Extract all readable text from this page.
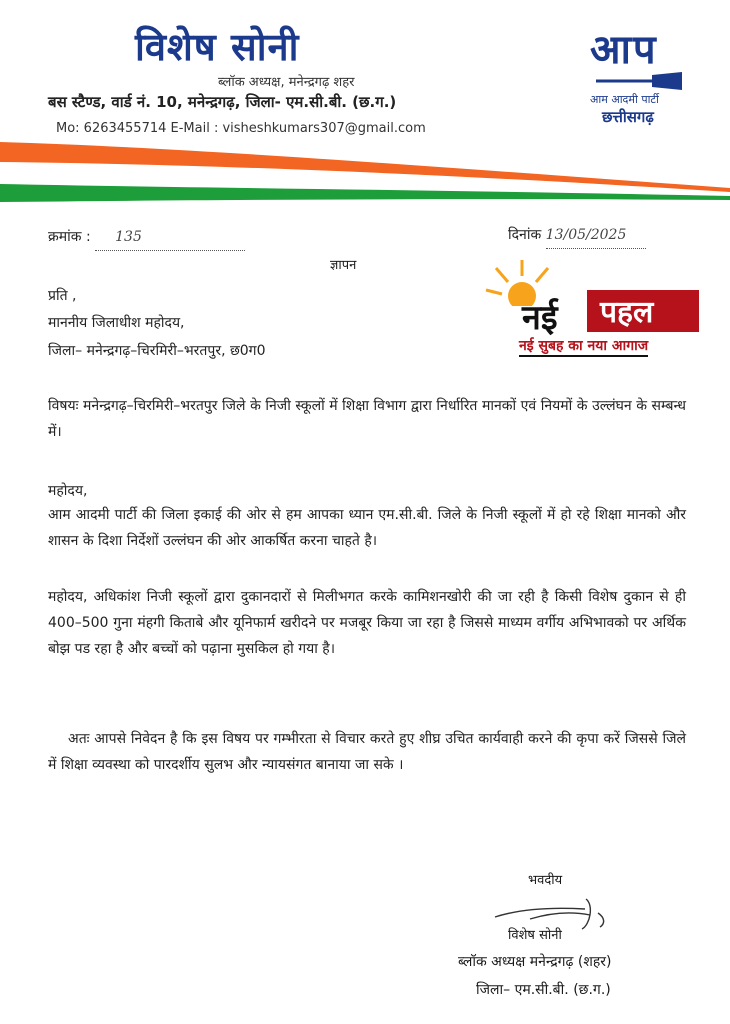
विशेष सोनी
ब्लॉक अध्यक्ष, मनेन्द्रगढ़ शहर
बस स्टैण्ड, वार्ड नं. 10, मनेन्द्रगढ़, जिला- एम.सी.बी. (छ.ग.)
Mo: 6263455714 E-Mail : visheshkumars307@gmail.com
आप
आम आदमी पार्टी
छत्तीसगढ़
क्रमांक : 135	दिनांक 13/05/2025
ज्ञापन
प्रति ,
माननीय जिलाधीश महोदय,
जिला– मनेन्द्रगढ़–चिरमिरी–भरतपुर, छ0ग0
नई पहल
नई सुबह का नया आगाज
विषयः मनेन्द्रगढ़–चिरमिरी–भरतपुर जिले के निजी स्कूलों में शिक्षा विभाग द्वारा निर्धारित मानकों एवं नियमों के उल्लंघन के सम्बन्ध में।
महोदय,
आम आदमी पार्टी की जिला इकाई की ओर से हम आपका ध्यान एम.सी.बी. जिले के निजी स्कूलों में हो रहे शिक्षा मानको और शासन के दिशा निर्देशों उल्लंघन की ओर आकर्षित करना चाहते है।
महोदय, अधिकांश निजी स्कूलों द्वारा दुकानदारों से मिलीभगत करके कामिशनखोरी की जा रही है किसी विशेष दुकान से ही 400–500 गुना मंहगी किताबे और यूनिफार्म खरीदने पर मजबूर किया जा रहा है जिससे माध्यम वर्गीय अभिभावको पर अर्थिक बोझ पड रहा है और बच्चों को पढ़ाना मुसकिल हो गया है।
अतः आपसे निवेदन है कि इस विषय पर गम्भीरता से विचार करते हुए शीघ्र उचित कार्यवाही करने की कृपा करें जिससे जिले में शिक्षा व्यवस्था को पारदर्शीय सुलभ और न्यायसंगत बानाया जा सके ।
भवदीय
विशेष सोनी
ब्लॉक अध्यक्ष मनेन्द्रगढ़ (शहर)
जिला– एम.सी.बी. (छ.ग.)
